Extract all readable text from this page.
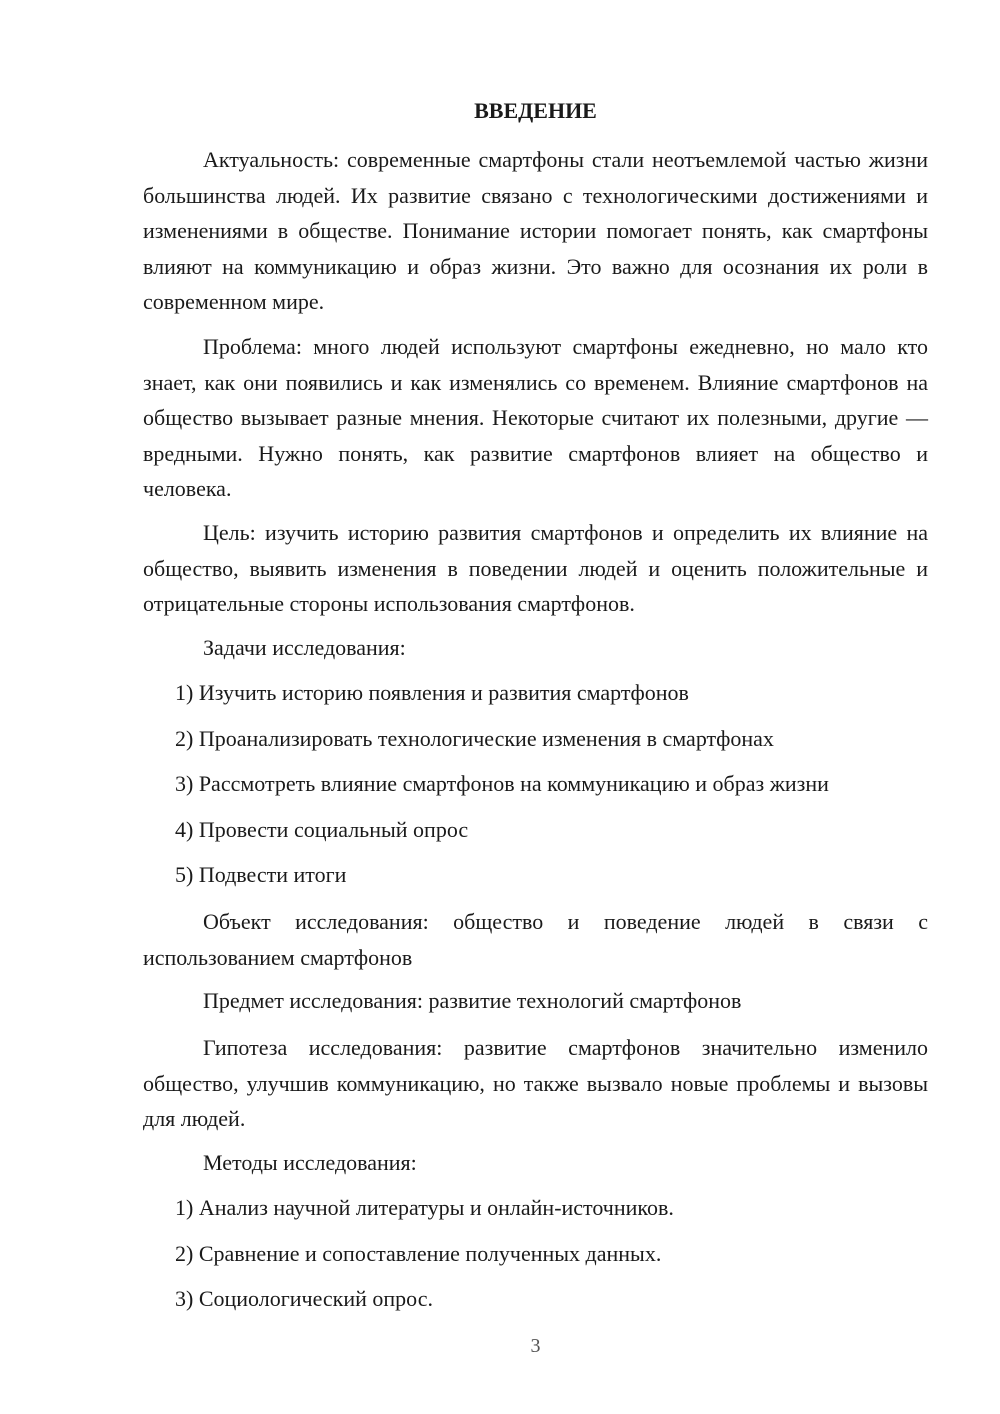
ВВЕДЕНИЕ

Актуальность: современные смартфоны стали неотъемлемой частью жизни большинства людей. Их развитие связано с технологическими достижениями и изменениями в обществе. Понимание истории помогает понять, как смартфоны влияют на коммуникацию и образ жизни. Это важно для осознания их роли в современном мире.

Проблема: много людей используют смартфоны ежедневно, но мало кто знает, как они появились и как изменялись со временем. Влияние смартфонов на общество вызывает разные мнения. Некоторые считают их полезными, другие — вредными. Нужно понять, как развитие смартфонов влияет на общество и человека.

Цель: изучить историю развития смартфонов и определить их влияние на общество, выявить изменения в поведении людей и оценить положительные и отрицательные стороны использования смартфонов.

Задачи исследования:

1) Изучить историю появления и развития смартфонов

2) Проанализировать технологические изменения в смартфонах

3) Рассмотреть влияние смартфонов на коммуникацию и образ жизни

4) Провести социальный опрос

5) Подвести итоги

Объект исследования: общество и поведение людей в связи с использованием смартфонов

Предмет исследования: развитие технологий смартфонов

Гипотеза исследования: развитие смартфонов значительно изменило общество, улучшив коммуникацию, но также вызвало новые проблемы и вызовы для людей.

Методы исследования:

1) Анализ научной литературы и онлайн-источников.

2) Сравнение и сопоставление полученных данных.

3) Социологический опрос.

3
